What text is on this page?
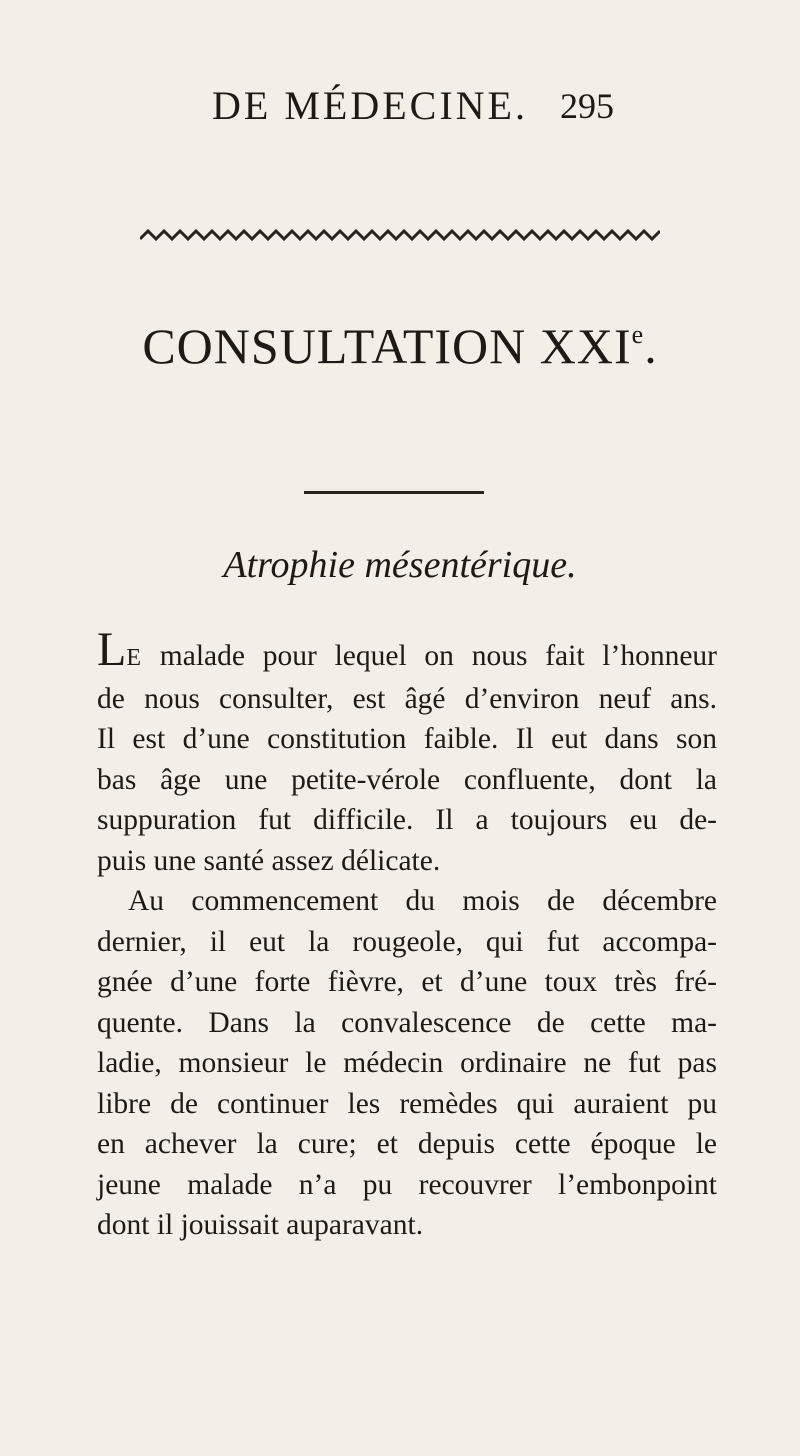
DE MÉDECINE. 295
CONSULTATION XXIe.
Atrophie mésentérique.
LE malade pour lequel on nous fait l’honneur
de nous consulter, est âgé d’environ neuf ans.
Il est d’une constitution faible. Il eut dans son
bas âge une petite-vérole confluente, dont la
suppuration fut difficile. Il a toujours eu de-
puis une santé assez délicate.
Au commencement du mois de décembre
dernier, il eut la rougeole, qui fut accompa-
gnée d’une forte fièvre, et d’une toux très fré-
quente. Dans la convalescence de cette ma-
ladie, monsieur le médecin ordinaire ne fut pas
libre de continuer les remèdes qui auraient pu
en achever la cure; et depuis cette époque le
jeune malade n’a pu recouvrer l’embonpoint
dont il jouissait auparavant.
